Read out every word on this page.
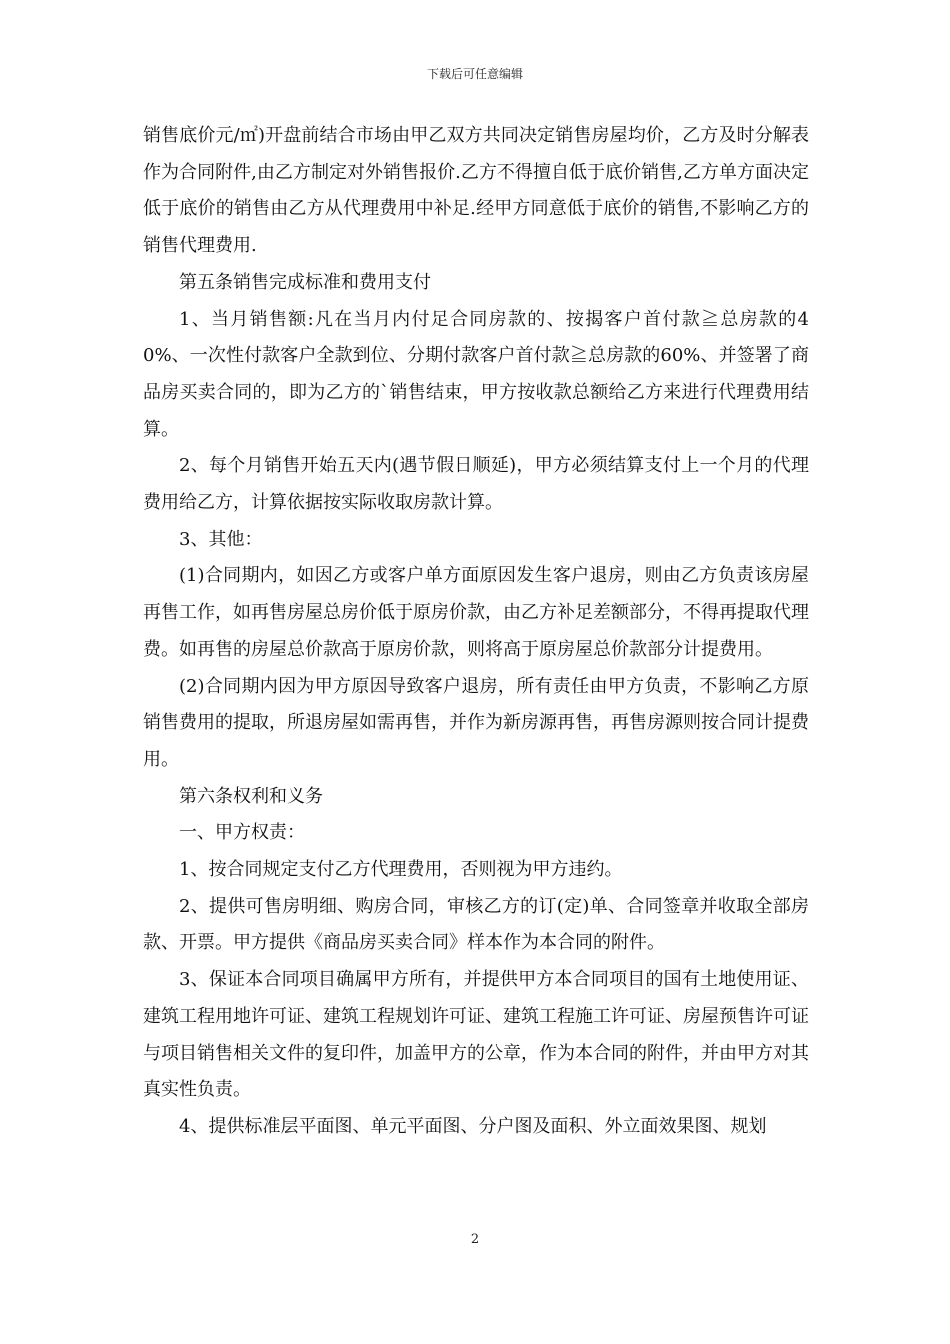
下载后可任意编辑

销售底价元/㎡)开盘前结合市场由甲乙双方共同决定销售房屋均价，乙方及时分解表作为合同附件,由乙方制定对外销售报价.乙方不得擅自低于底价销售,乙方单方面决定低于底价的销售由乙方从代理费用中补足.经甲方同意低于底价的销售,不影响乙方的销售代理费用.

第五条销售完成标准和费用支付

1、当月销售额:凡在当月内付足合同房款的、按揭客户首付款≧总房款的40%、一次性付款客户全款到位、分期付款客户首付款≧总房款的60%、并签署了商品房买卖合同的，即为乙方的`销售结束，甲方按收款总额给乙方来进行代理费用结算。

2、每个月销售开始五天内(遇节假日顺延)，甲方必须结算支付上一个月的代理费用给乙方，计算依据按实际收取房款计算。

3、其他：

(1)合同期内，如因乙方或客户单方面原因发生客户退房，则由乙方负责该房屋再售工作，如再售房屋总房价低于原房价款，由乙方补足差额部分，不得再提取代理费。如再售的房屋总价款高于原房价款，则将高于原房屋总价款部分计提费用。

(2)合同期内因为甲方原因导致客户退房，所有责任由甲方负责，不影响乙方原销售费用的提取，所退房屋如需再售，并作为新房源再售，再售房源则按合同计提费用。

第六条权利和义务

一、甲方权责：

1、按合同规定支付乙方代理费用，否则视为甲方违约。

2、提供可售房明细、购房合同，审核乙方的订(定)单、合同签章并收取全部房款、开票。甲方提供《商品房买卖合同》样本作为本合同的附件。

3、保证本合同项目确属甲方所有，并提供甲方本合同项目的国有土地使用证、建筑工程用地许可证、建筑工程规划许可证、建筑工程施工许可证、房屋预售许可证与项目销售相关文件的复印件，加盖甲方的公章，作为本合同的附件，并由甲方对其真实性负责。

4、提供标准层平面图、单元平面图、分户图及面积、外立面效果图、规划

2
